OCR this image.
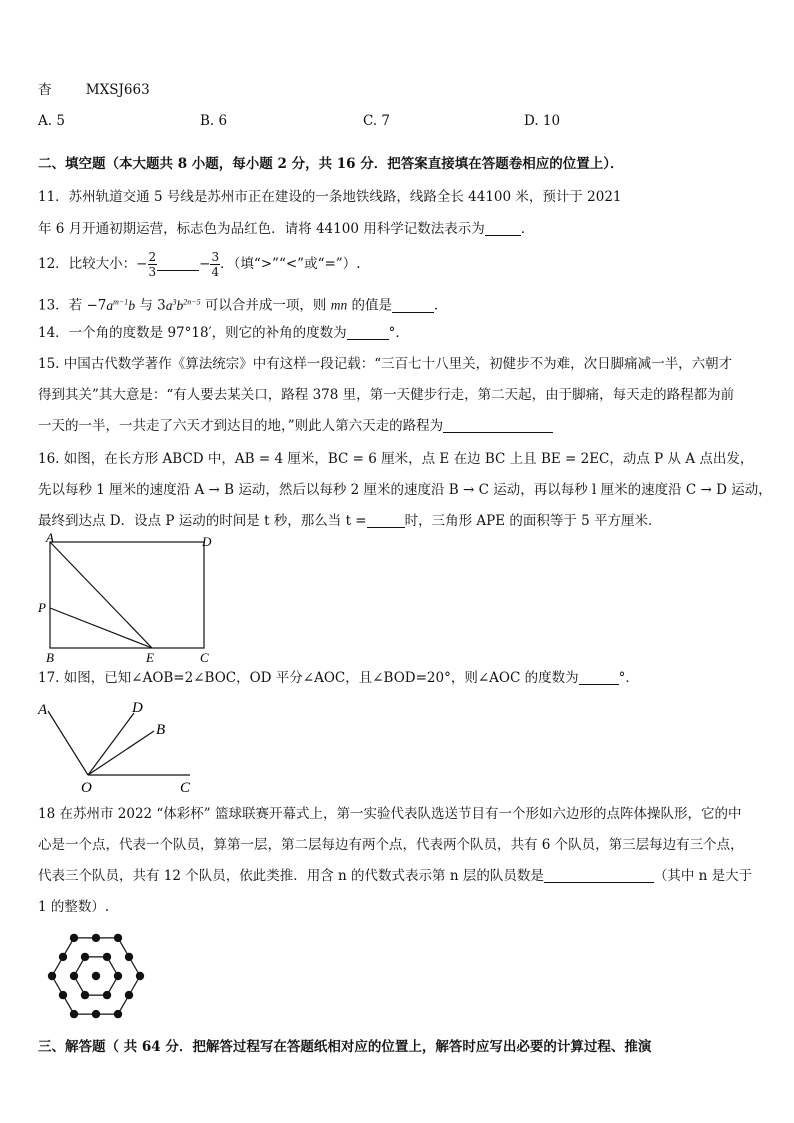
杳	MXSJ663
A. 5	B. 6	C. 7	D. 10
二、填空题（本大题共 8 小题，每小题 2 分，共 16 分．把答案直接填在答题卷相应的位置上）．
11．苏州轨道交通 5 号线是苏州市正在建设的一条地铁线路，线路全长 44100 米，预计于 2021
年 6 月开通初期运营，标志色为品红色．请将 44100 用科学记数法表示为	．
12．比较大小：− $\frac{2}{3}$	− $\frac{3}{4}$ ．（填“>”“<”或“=”）.
13．若 $-7a^{m-1}b$ 与 $3a^3b^{2n-5}$ 可以合并成一项，则 mn 的值是	．
14．一个角的度数是 97°18′，则它的补角的度数为	°．
15. 中国古代数学著作《算法统宗》中有这样一段记载：“三百七十八里关，初健步不为难，次日脚痛减一半，六朝才
得到其关”其大意是：“有人要去某关口，路程 378 里，第一天健步行走，第二天起，由于脚痛，每天走的路程都为前
一天的一半，一共走了六天才到达目的地，”则此人第六天走的路程为
16. 如图，在长方形 ABCD 中，AB = 4 厘米，BC = 6 厘米，点 E 在边 BC 上且 BE = 2EC，动点 P 从 A 点出发，
先以每秒 1 厘米的速度沿 A → B 运动，然后以每秒 2 厘米的速度沿 B → C 运动，再以每秒 l 厘米的速度沿 C → D 运动，
最终到达点 D．设点 P 运动的时间是 t 秒，那么当 t =	时，三角形 APE 的面积等于 5 平方厘米．
A	D
P
B	E	C
17. 如图，已知∠AOB=2∠BOC，OD 平分∠AOC，且∠BOD=20°，则∠AOC 的度数为	°．
A	D
B
O	C
18 在苏州市 2022 “体彩杯” 篮球联赛开幕式上，第一实验代表队选送节目有一个形如六边形的点阵体操队形，它的中
心是一个点，代表一个队员，算第一层，第二层每边有两个点，代表两个队员，共有 6 个队员，第三层每边有三个点，
代表三个队员，共有 12 个队员，依此类推．用含 n 的代数式表示第 n 层的队员数是	（其中 n 是大于
1 的整数）.
三、解答题（ 共 64 分．把解答过程写在答题纸相对应的位置上，解答时应写出必要的计算过程、推演
